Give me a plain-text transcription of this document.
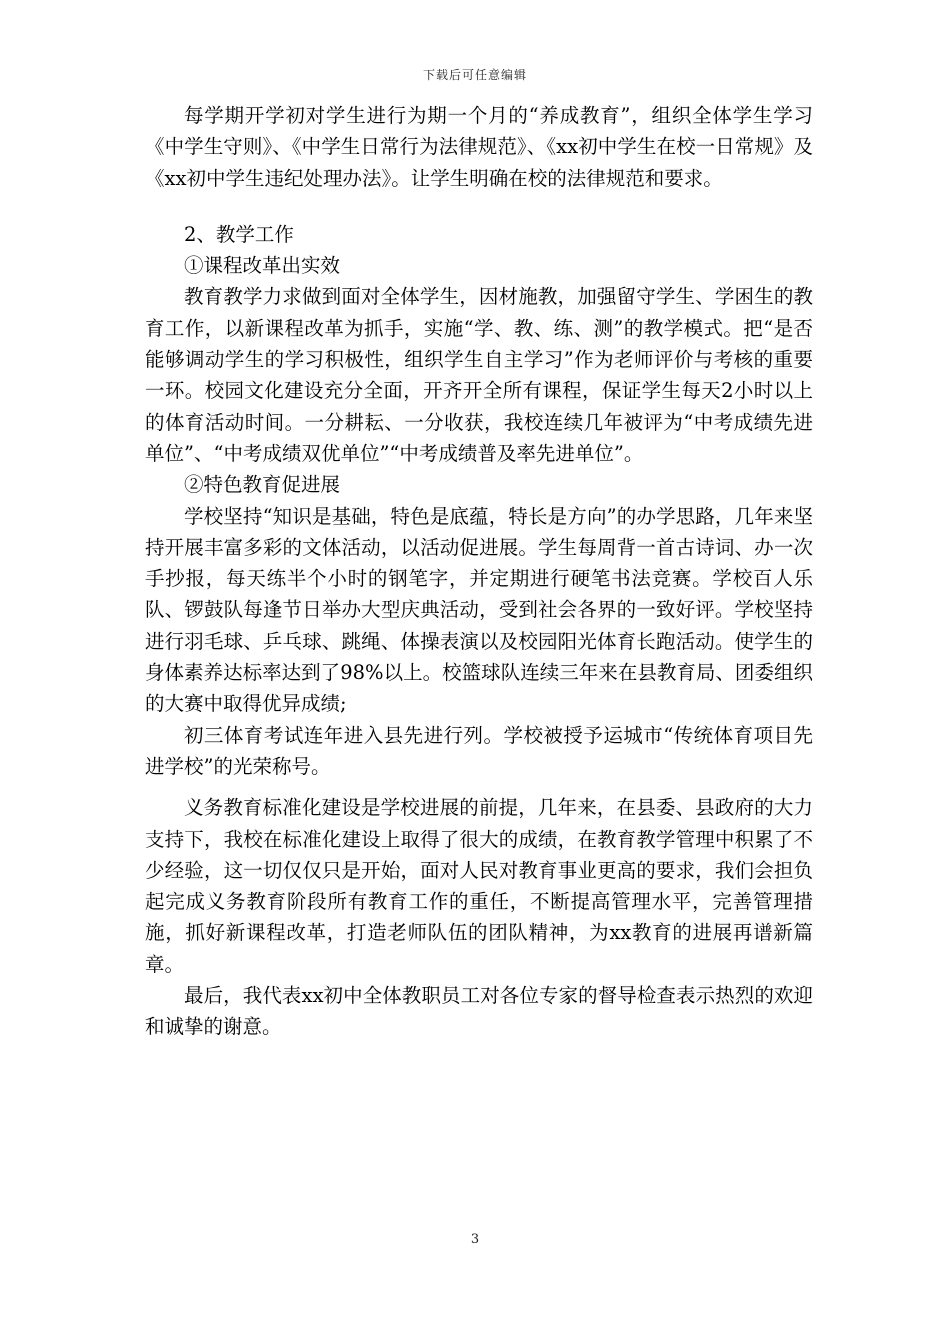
下载后可任意编辑

每学期开学初对学生进行为期一个月的“养成教育”，组织全体学生学习《中学生守则》、《中学生日常行为法律规范》、《xx初中学生在校一日常规》及《xx初中学生违纪处理办法》。让学生明确在校的法律规范和要求。

2、教学工作

①课程改革出实效

教育教学力求做到面对全体学生，因材施教，加强留守学生、学困生的教育工作，以新课程改革为抓手，实施“学、教、练、测”的教学模式。把“是否能够调动学生的学习积极性，组织学生自主学习”作为老师评价与考核的重要一环。校园文化建设充分全面，开齐开全所有课程，保证学生每天2小时以上的体育活动时间。一分耕耘、一分收获，我校连续几年被评为“中考成绩先进单位”、“中考成绩双优单位”“中考成绩普及率先进单位”。

②特色教育促进展

学校坚持“知识是基础，特色是底蕴，特长是方向”的办学思路，几年来坚持开展丰富多彩的文体活动，以活动促进展。学生每周背一首古诗词、办一次手抄报，每天练半个小时的钢笔字，并定期进行硬笔书法竞赛。学校百人乐队、锣鼓队每逢节日举办大型庆典活动，受到社会各界的一致好评。学校坚持进行羽毛球、乒乓球、跳绳、体操表演以及校园阳光体育长跑活动。使学生的身体素养达标率达到了98%以上。校篮球队连续三年来在县教育局、团委组织的大赛中取得优异成绩;

初三体育考试连年进入县先进行列。学校被授予运城市“传统体育项目先进学校”的光荣称号。

义务教育标准化建设是学校进展的前提，几年来，在县委、县政府的大力支持下，我校在标准化建设上取得了很大的成绩，在教育教学管理中积累了不少经验，这一切仅仅只是开始，面对人民对教育事业更高的要求，我们会担负起完成义务教育阶段所有教育工作的重任，不断提高管理水平，完善管理措施，抓好新课程改革，打造老师队伍的团队精神，为xx教育的进展再谱新篇章。

最后，我代表xx初中全体教职员工对各位专家的督导检查表示热烈的欢迎和诚挚的谢意。

3
